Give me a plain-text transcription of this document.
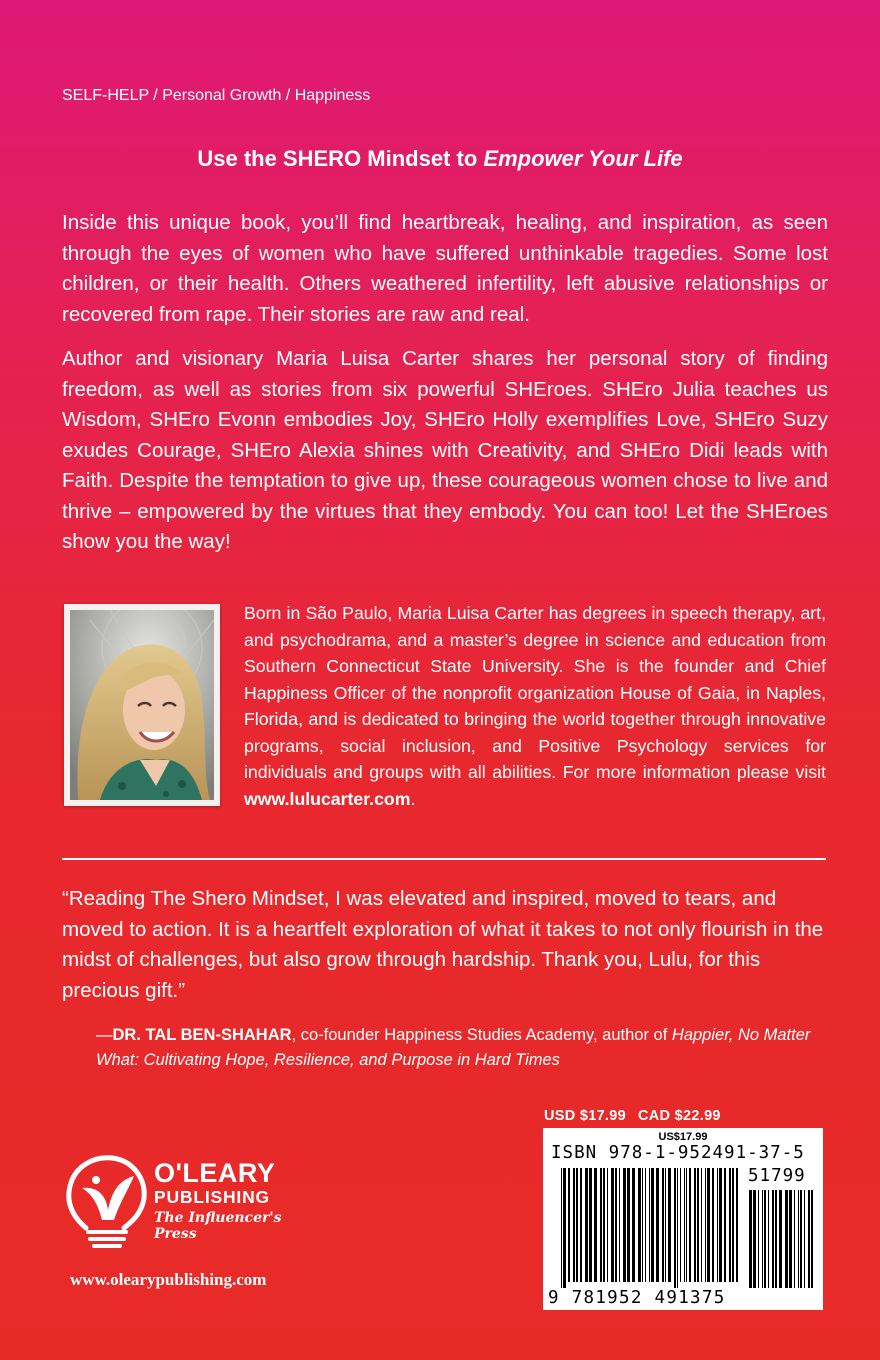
SELF-HELP / Personal Growth / Happiness
Use the SHERO Mindset to Empower Your Life

Inside this unique book, you’ll find heartbreak, healing, and inspiration, as seen through the eyes of women who have suffered unthinkable tragedies. Some lost children, or their health. Others weathered infertility, left abusive relationships or recovered from rape. Their stories are raw and real.

Author and visionary Maria Luisa Carter shares her personal story of finding freedom, as well as stories from six powerful SHEroes. SHEro Julia teaches us Wisdom, SHEro Evonn embodies Joy, SHEro Holly exemplifies Love, SHEro Suzy exudes Courage, SHEro Alexia shines with Creativity, and SHEro Didi leads with Faith. Despite the temptation to give up, these courageous women chose to live and thrive – empowered by the virtues that they embody. You can too! Let the SHEroes show you the way!

Born in São Paulo, Maria Luisa Carter has degrees in speech therapy, art, and psychodrama, and a master’s degree in science and education from Southern Connecticut State University. She is the founder and Chief Happiness Officer of the nonprofit organization House of Gaia, in Naples, Florida, and is dedicated to bringing the world together through innovative programs, social inclusion, and Positive Psychology services for individuals and groups with all abilities. For more information please visit www.lulucarter.com.

“Reading The Shero Mindset, I was elevated and inspired, moved to tears, and moved to action. It is a heartfelt exploration of what it takes to not only flourish in the midst of challenges, but also grow through hardship. Thank you, Lulu, for this precious gift.”

—DR. TAL BEN-SHAHAR, co-founder Happiness Studies Academy, author of Happier, No Matter What: Cultivating Hope, Resilience, and Purpose in Hard Times

USD $17.99 CAD $22.99
US$17.99
ISBN 978-1-952491-37-5
51799
9 781952 491375
O'LEARY
PUBLISHING
The Influencer's Press
www.olearypublishing.com
